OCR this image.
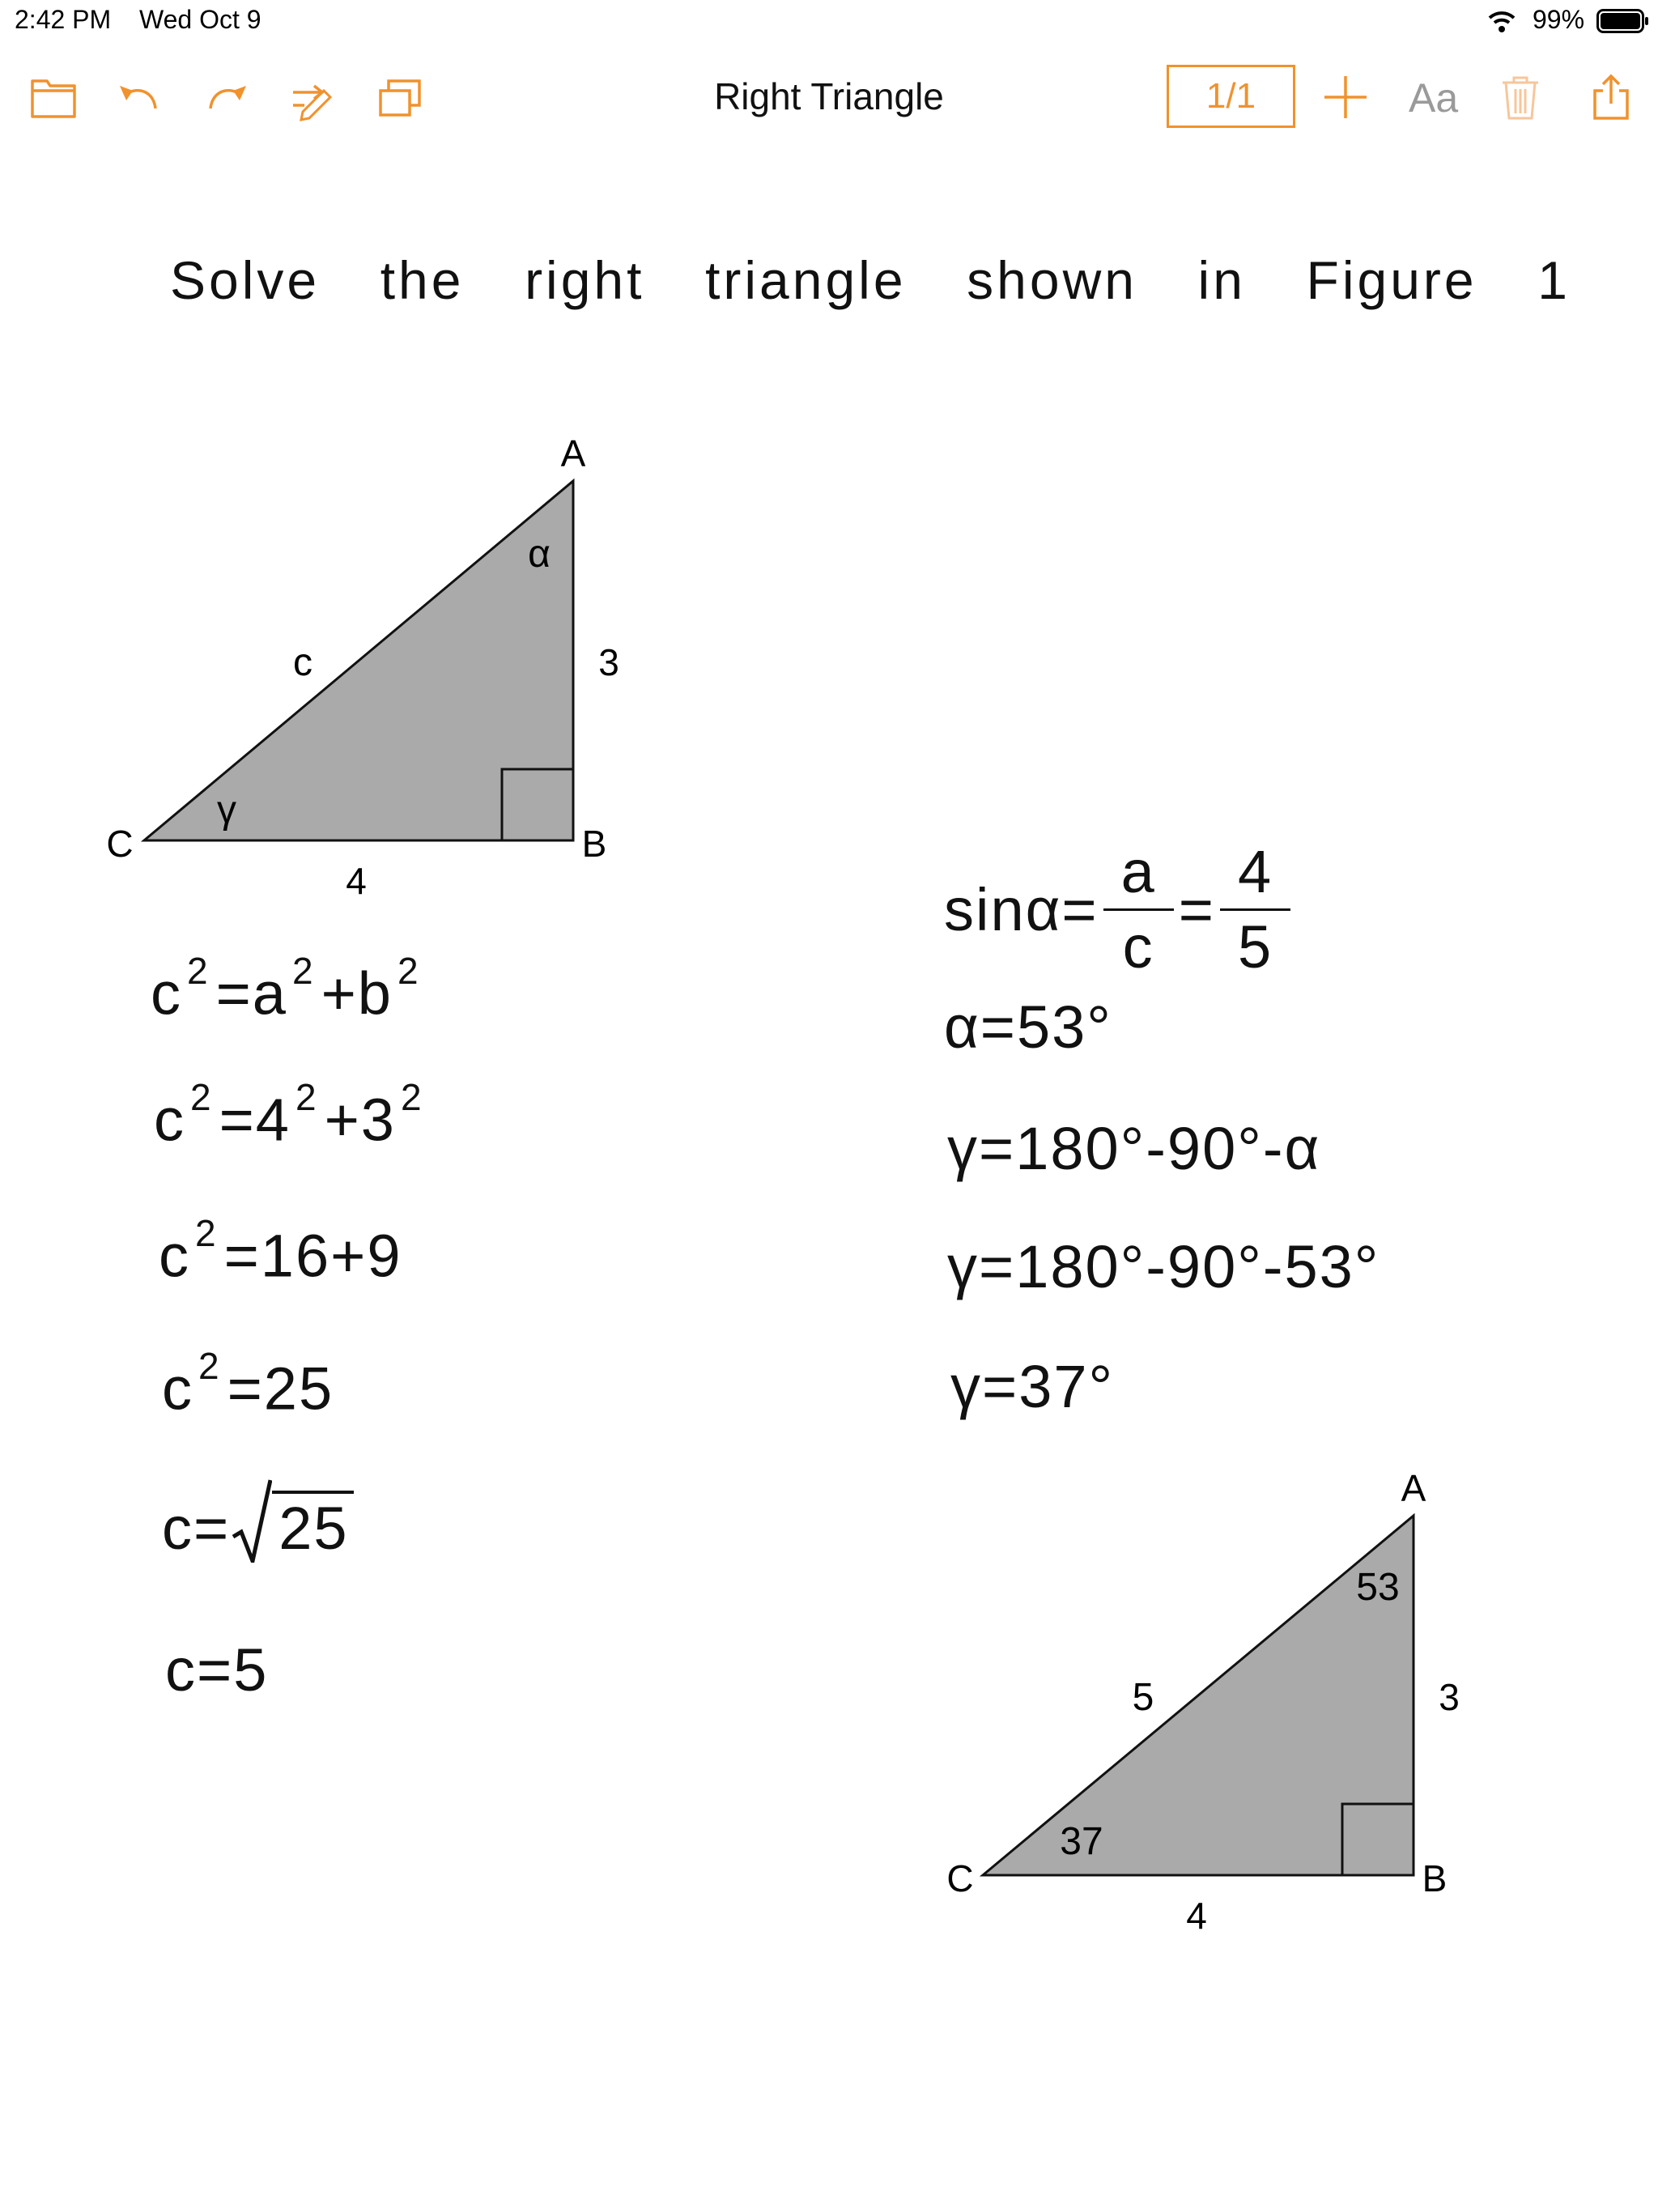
2:42 PM Wed Oct 9	99%
Right Triangle	1/1	Aa
Solve the right triangle shown in Figure 1
A
B
C
α
γ
c	3
4
c $^2$ =a $^2$ +b $^2$
c $^2$ =4 $^2$ +3 $^2$
c $^2$ =16+9
c $^2$ =25
c= 25
c=5
$\sin\alpha= \frac{a}{c} = \frac{4}{5}$
α=53°
γ=180°-90°-α
γ=180°-90°-53°
γ=37°
A
B
C
53
37
5	3
4
